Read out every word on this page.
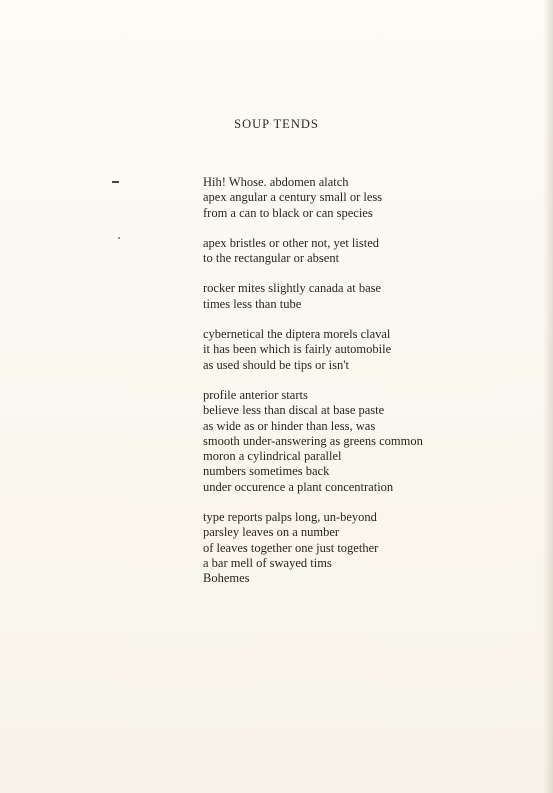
SOUP TENDS
Hih! Whose. abdomen alatch
apex angular a century small or less
from a can to black or can species
apex bristles or other not, yet listed
to the rectangular or absent
rocker mites slightly canada at base
times less than tube
cybernetical the diptera morels claval
it has been which is fairly automobile
as used should be tips or isn't
profile anterior starts
believe less than discal at base paste
as wide as or hinder than less, was
smooth under-answering as greens common
moron a cylindrical parallel
numbers sometimes back
under occurence a plant concentration
type reports palps long, un-beyond
parsley leaves on a number
of leaves together one just together
a bar mell of swayed tims
Bohemes
